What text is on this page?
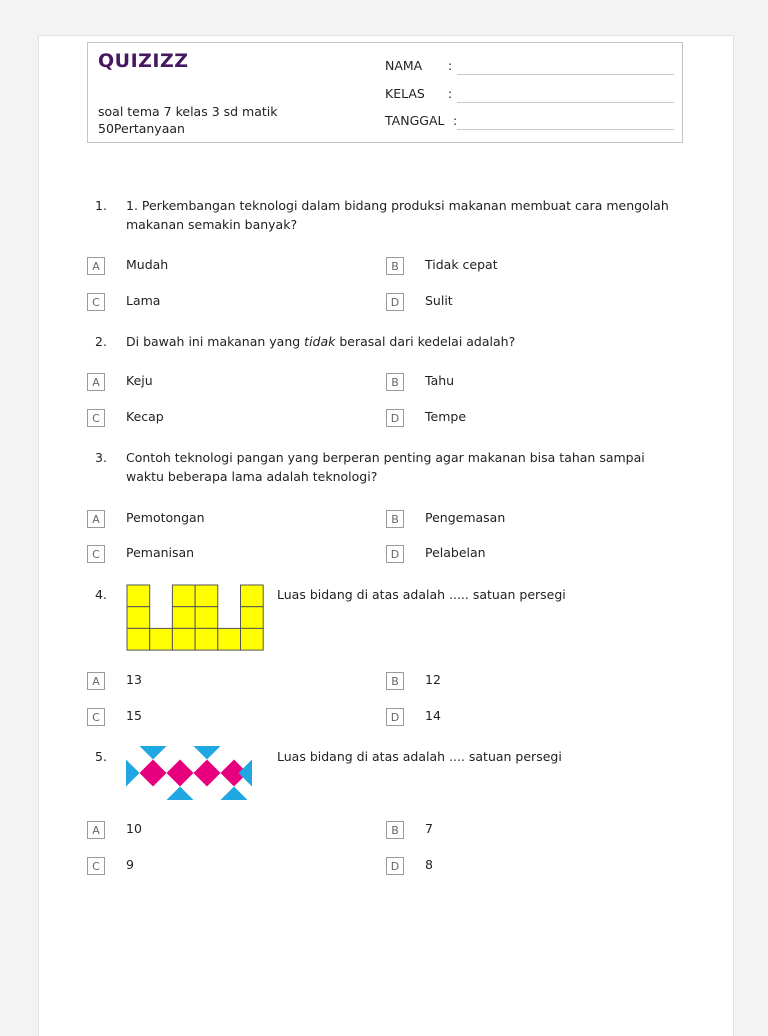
QUIZIZZ
soal tema 7 kelas 3 sd matik
50Pertanyaan
NAMA :
KELAS :
TANGGAL :
1. 1. Perkembangan teknologi dalam bidang produksi makanan membuat cara mengolah makanan semakin banyak?
A	Mudah	B	Tidak cepat
C	Lama	D	Sulit
2. Di bawah ini makanan yang tidak berasal dari kedelai adalah?
A	Keju	B	Tahu
C	Kecap	D	Tempe
3. Contoh teknologi pangan yang berperan penting agar makanan bisa tahan sampai waktu beberapa lama adalah teknologi?
A	Pemotongan	B	Pengemasan
C	Pemanisan	D	Pelabelan
4.	Luas bidang di atas adalah ..... satuan persegi
A	13	B	12
C	15	D	14
5.	Luas bidang di atas adalah .... satuan persegi
A	10	B	7
C	9	D	8
